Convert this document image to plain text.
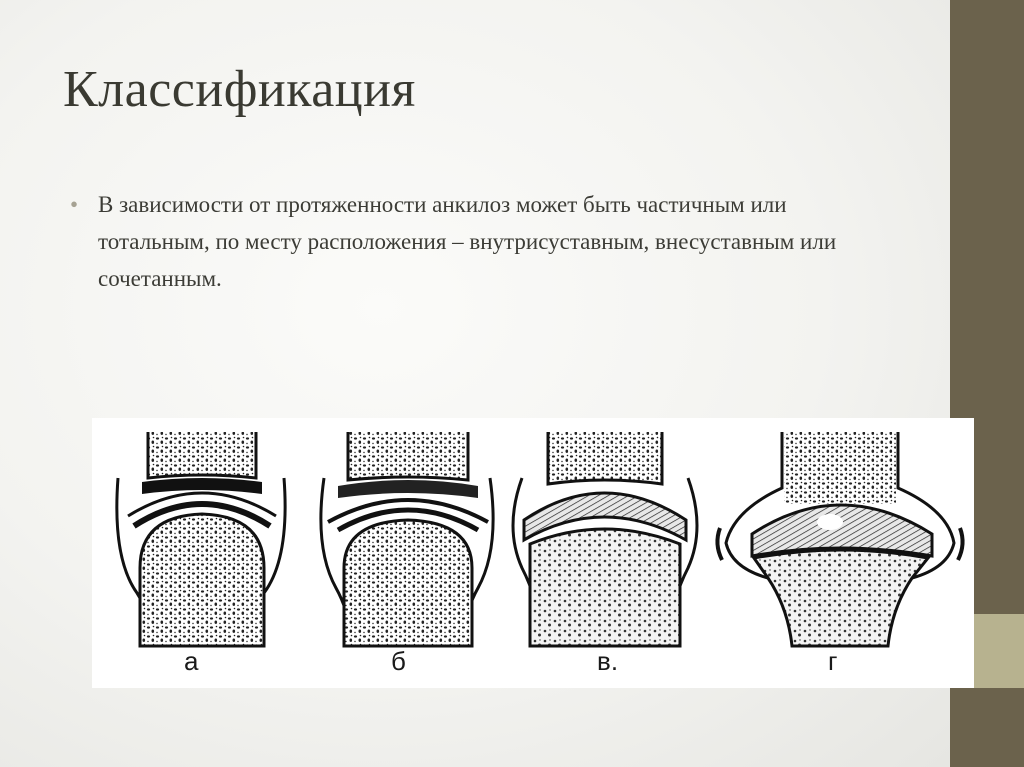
Классификация
• В зависимости от протяженности анкилоз может быть частичным или тотальным, по месту расположения – внутрисуставным, внесуставным или сочетанным.
а	б	в.	г
